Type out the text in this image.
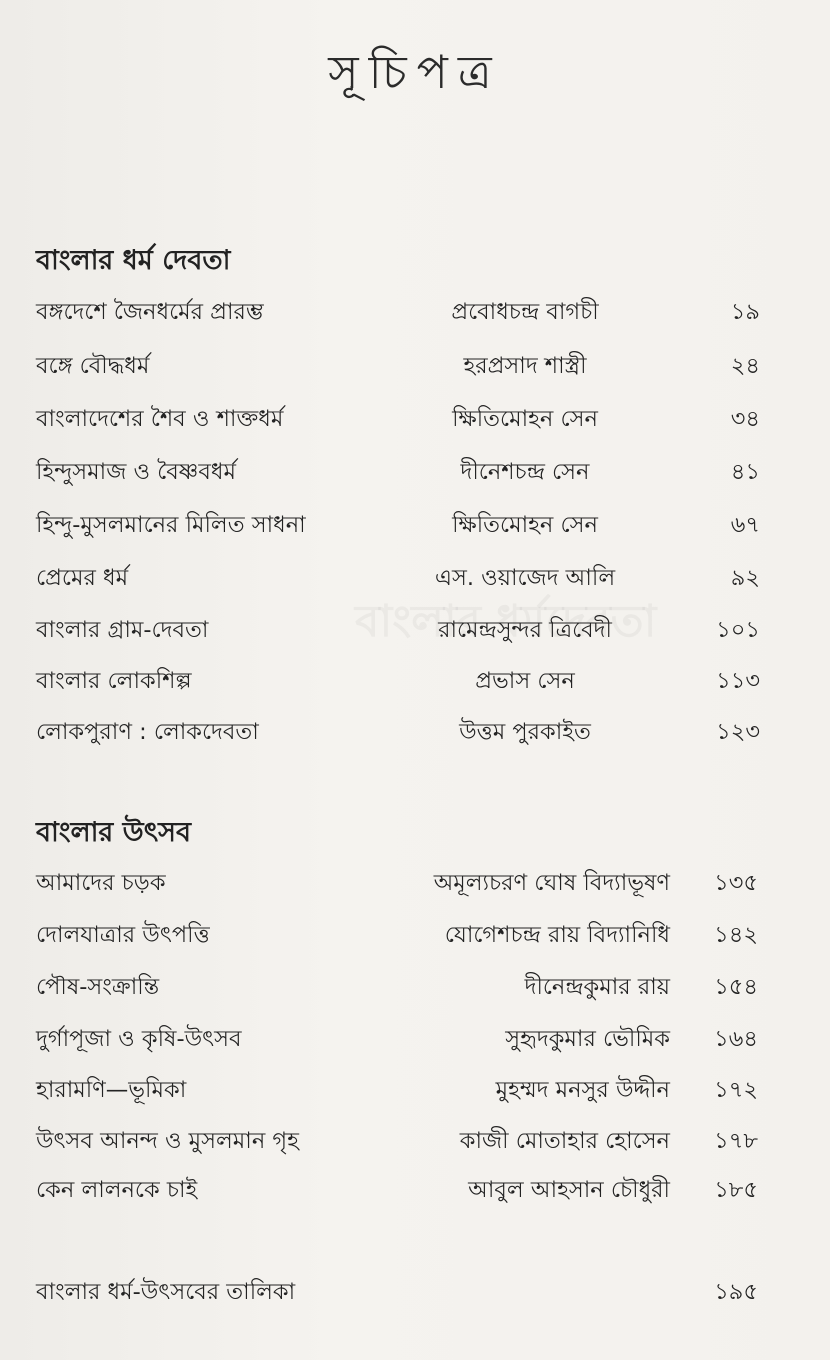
সূচিপত্র
বাংলার ধর্ম দেবতা
বঙ্গদেশে জৈনধর্মের প্রারম্ভ	প্রবোধচন্দ্র বাগচী	১৯
বঙ্গে বৌদ্ধধর্ম	হরপ্রসাদ শাস্ত্রী	২৪
বাংলাদেশের শৈব ও শাক্তধর্ম	ক্ষিতিমোহন সেন	৩৪
হিন্দুসমাজ ও বৈষ্ণবধর্ম	দীনেশচন্দ্র সেন	৪১
হিন্দু-মুসলমানের মিলিত সাধনা	ক্ষিতিমোহন সেন	৬৭
প্রেমের ধর্ম	এস. ওয়াজেদ আলি	৯২
বাংলার গ্রাম-দেবতা	রামেন্দ্রসুন্দর ত্রিবেদী	১০১
বাংলার লোকশিল্প	প্রভাস সেন	১১৩
লোকপুরাণ : লোকদেবতা	উত্তম পুরকাইত	১২৩
বাংলার উৎসব
আমাদের চড়ক	অমূল্যচরণ ঘোষ বিদ্যাভূষণ ১৩৫
দোলযাত্রার উৎপত্তি	যোগেশচন্দ্র রায় বিদ্যানিধি ১৪২
পৌষ-সংক্রান্তি	দীনেন্দ্রকুমার রায় ১৫৪
দুর্গাপূজা ও কৃষি-উৎসব	সুহৃদকুমার ভৌমিক ১৬৪
হারামণি—ভূমিকা	মুহম্মদ মনসুর উদ্দীন ১৭২
উৎসব আনন্দ ও মুসলমান গৃহ	কাজী মোতাহার হোসেন ১৭৮
কেন লালনকে চাই	আবুল আহসান চৌধুরী ১৮৫
বাংলার ধর্ম-উৎসবের তালিকা	১৯৫
